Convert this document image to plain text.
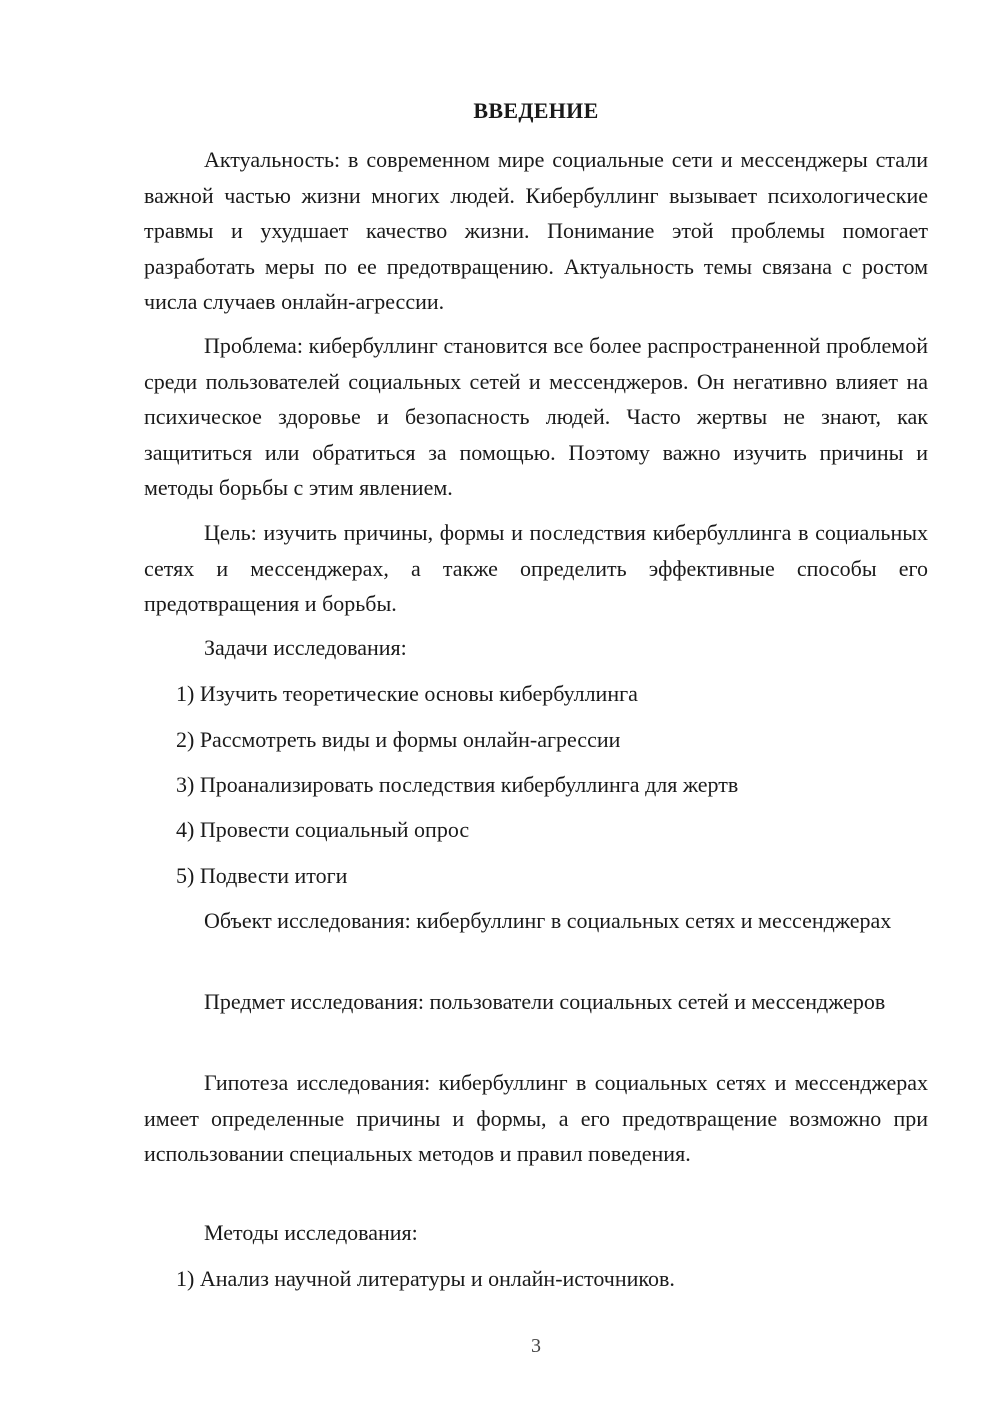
ВВЕДЕНИЕ

Актуальность: в современном мире социальные сети и мессенджеры стали важной частью жизни многих людей. Кибербуллинг вызывает психологические травмы и ухудшает качество жизни. Понимание этой проблемы помогает разработать меры по ее предотвращению. Актуальность темы связана с ростом числа случаев онлайн-агрессии.

Проблема: кибербуллинг становится все более распространенной проблемой среди пользователей социальных сетей и мессенджеров. Он негативно влияет на психическое здоровье и безопасность людей. Часто жертвы не знают, как защититься или обратиться за помощью. Поэтому важно изучить причины и методы борьбы с этим явлением.

Цель: изучить причины, формы и последствия кибербуллинга в социальных сетях и мессенджерах, а также определить эффективные способы его предотвращения и борьбы.

Задачи исследования:

1) Изучить теоретические основы кибербуллинга

2) Рассмотреть виды и формы онлайн-агрессии

3) Проанализировать последствия кибербуллинга для жертв

4) Провести социальный опрос

5) Подвести итоги

Объект исследования: кибербуллинг в социальных сетях и мессенджерах

Предмет исследования: пользователи социальных сетей и мессенджеров

Гипотеза исследования: кибербуллинг в социальных сетях и мессенджерах имеет определенные причины и формы, а его предотвращение возможно при использовании специальных методов и правил поведения.

Методы исследования:

1) Анализ научной литературы и онлайн-источников.

3
